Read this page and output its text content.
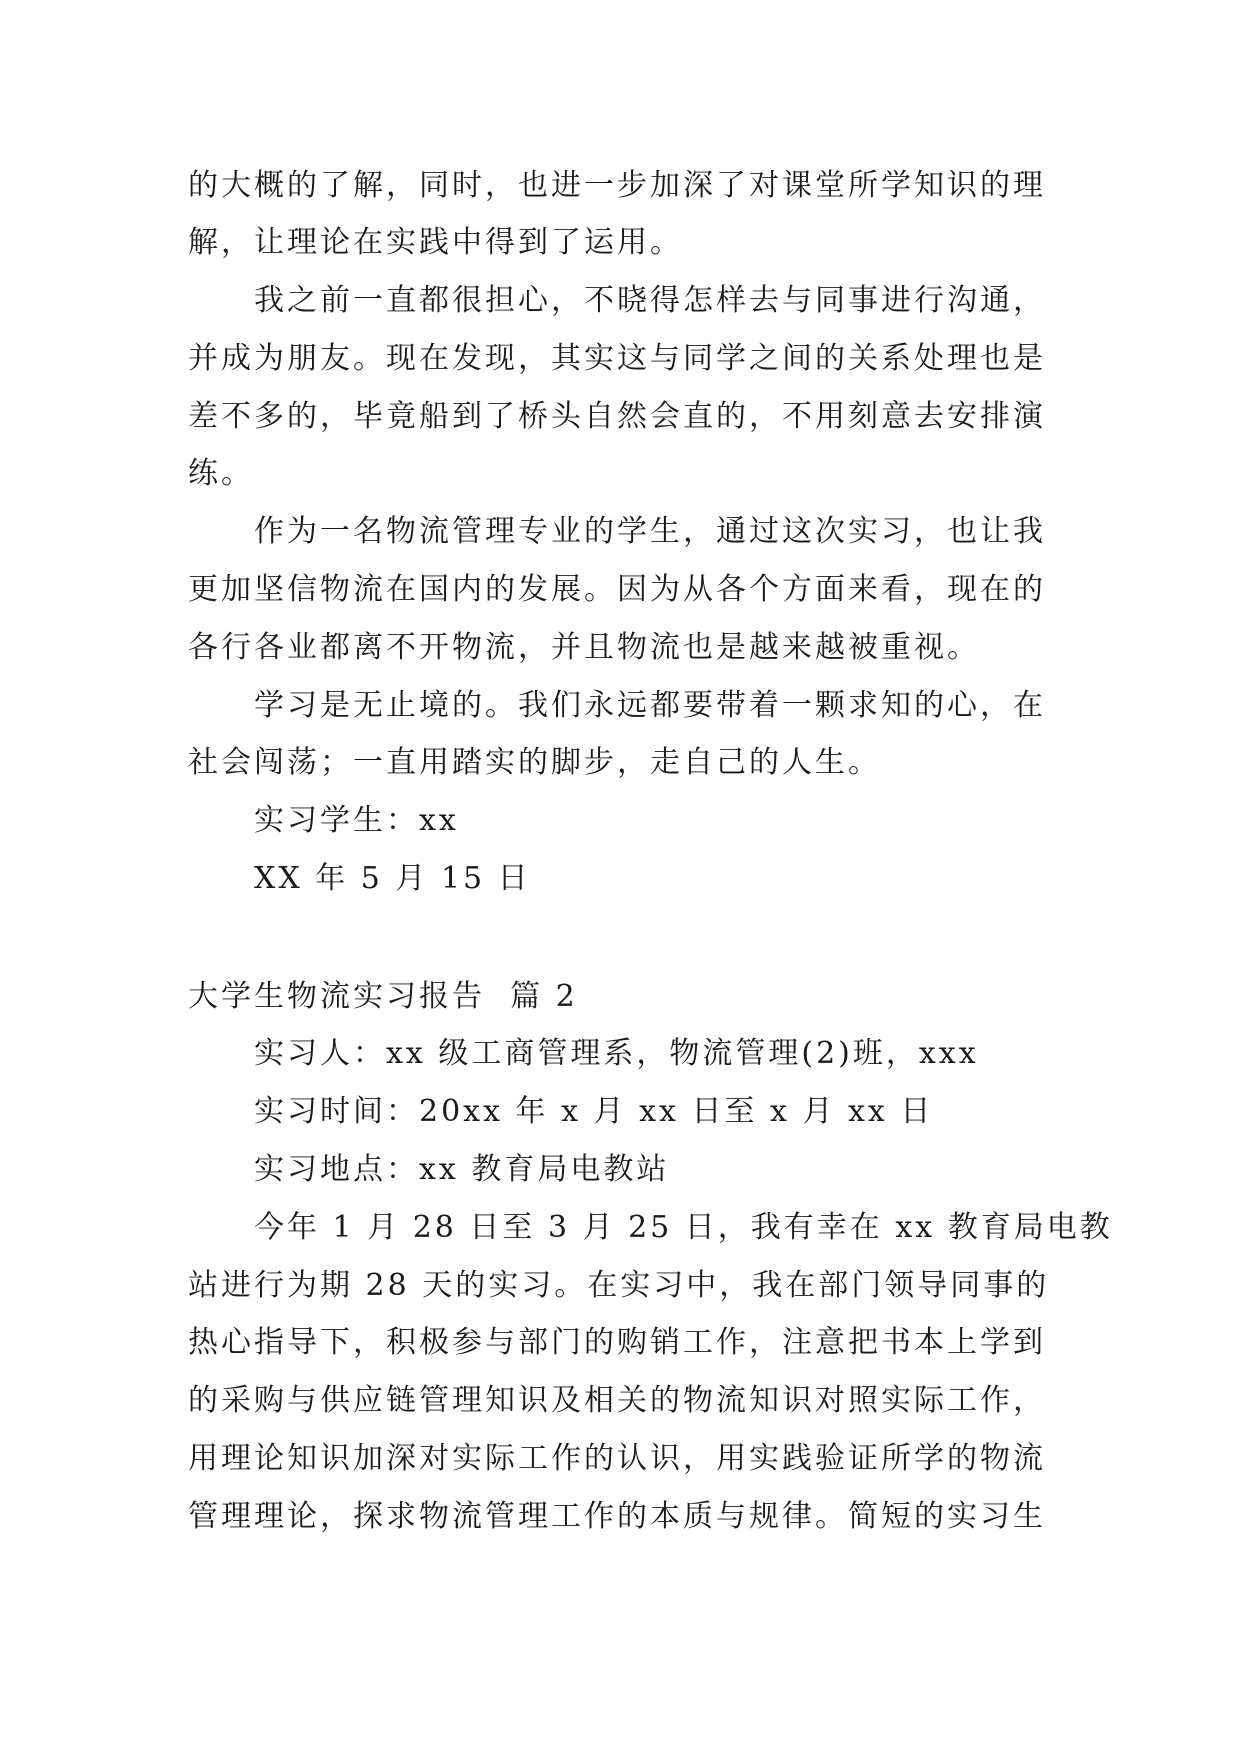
的大概的了解，同时，也进一步加深了对课堂所学知识的理
解，让理论在实践中得到了运用。
我之前一直都很担心，不晓得怎样去与同事进行沟通，
并成为朋友。现在发现，其实这与同学之间的关系处理也是
差不多的，毕竟船到了桥头自然会直的，不用刻意去安排演
练。
作为一名物流管理专业的学生，通过这次实习，也让我
更加坚信物流在国内的发展。因为从各个方面来看，现在的
各行各业都离不开物流，并且物流也是越来越被重视。
学习是无止境的。我们永远都要带着一颗求知的心，在
社会闯荡；一直用踏实的脚步，走自己的人生。
实习学生：xx
XX 年 5 月 15 日
大学生物流实习报告  篇 2
实习人：xx 级工商管理系，物流管理(2)班，xxx
实习时间：20xx 年 x 月 xx 日至 x 月 xx 日
实习地点：xx 教育局电教站
今年 1 月 28 日至 3 月 25 日，我有幸在 xx 教育局电教
站进行为期 28 天的实习。在实习中，我在部门领导同事的
热心指导下，积极参与部门的购销工作，注意把书本上学到
的采购与供应链管理知识及相关的物流知识对照实际工作，
用理论知识加深对实际工作的认识，用实践验证所学的物流
管理理论，探求物流管理工作的本质与规律。简短的实习生
